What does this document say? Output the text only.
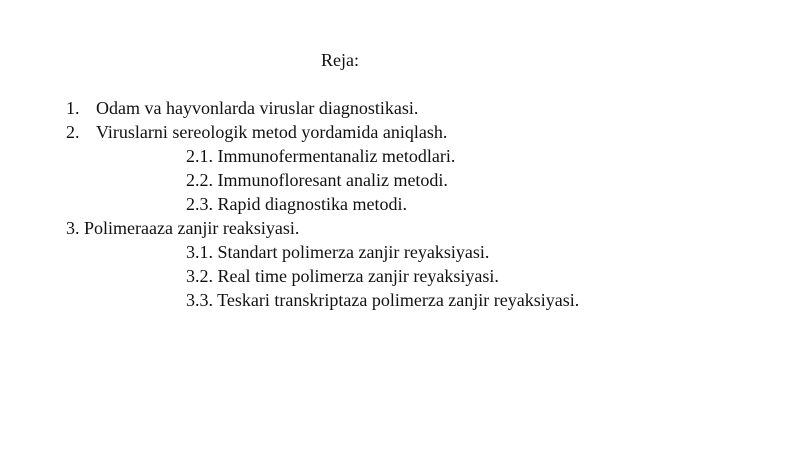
Reja:
1. Odam va hayvonlarda viruslar diagnostikasi.
2. Viruslarni sereologik metod yordamida aniqlash.
2.1. Immunofermentanaliz metodlari.
2.2. Immunofloresant analiz metodi.
2.3. Rapid diagnostika metodi.
3. Polimeraaza zanjir reaksiyasi.
3.1. Standart polimerza zanjir reyaksiyasi.
3.2. Real time polimerza zanjir reyaksiyasi.
3.3. Teskari transkriptaza polimerza zanjir reyaksiyasi.
